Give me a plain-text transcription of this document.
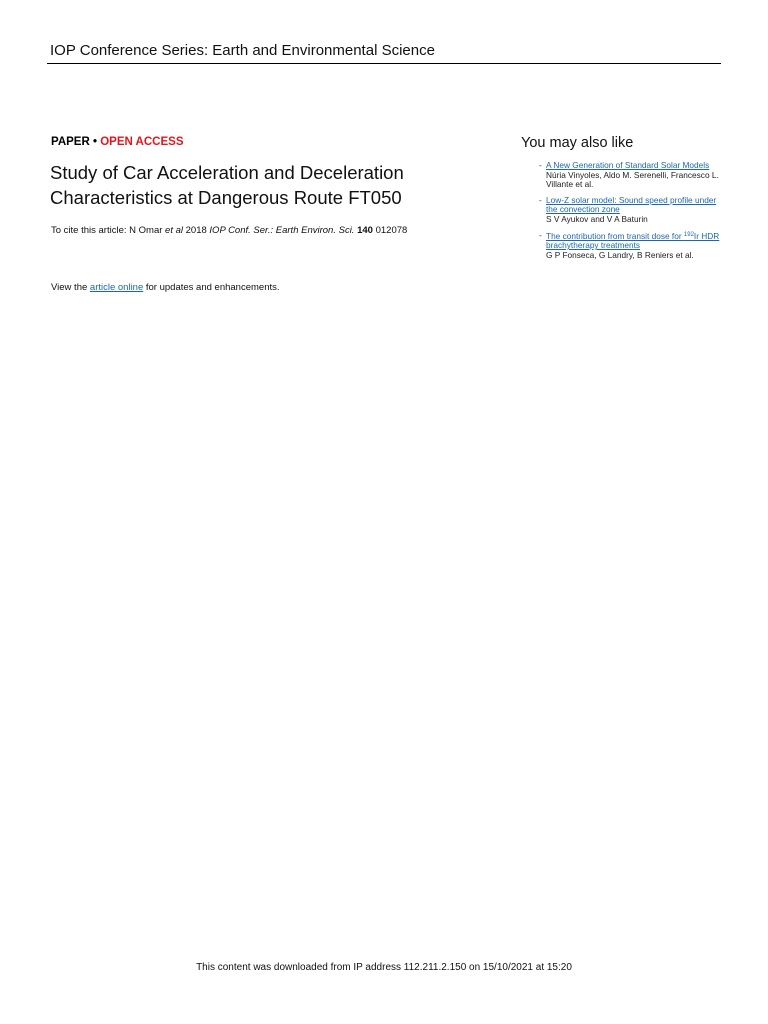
IOP Conference Series: Earth and Environmental Science
PAPER • OPEN ACCESS
Study of Car Acceleration and Deceleration Characteristics at Dangerous Route FT050
To cite this article: N Omar et al 2018 IOP Conf. Ser.: Earth Environ. Sci. 140 012078
View the article online for updates and enhancements.
You may also like
- A New Generation of Standard Solar Models
Núria Vinyoles, Aldo M. Serenelli, Francesco L. Villante et al.
- Low-Z solar model: Sound speed profile under the convection zone
S V Ayukov and V A Baturin
- The contribution from transit dose for $^{192}$Ir HDR brachytherapy treatments
G P Fonseca, G Landry, B Reniers et al.
This content was downloaded from IP address 112.211.2.150 on 15/10/2021 at 15:20
